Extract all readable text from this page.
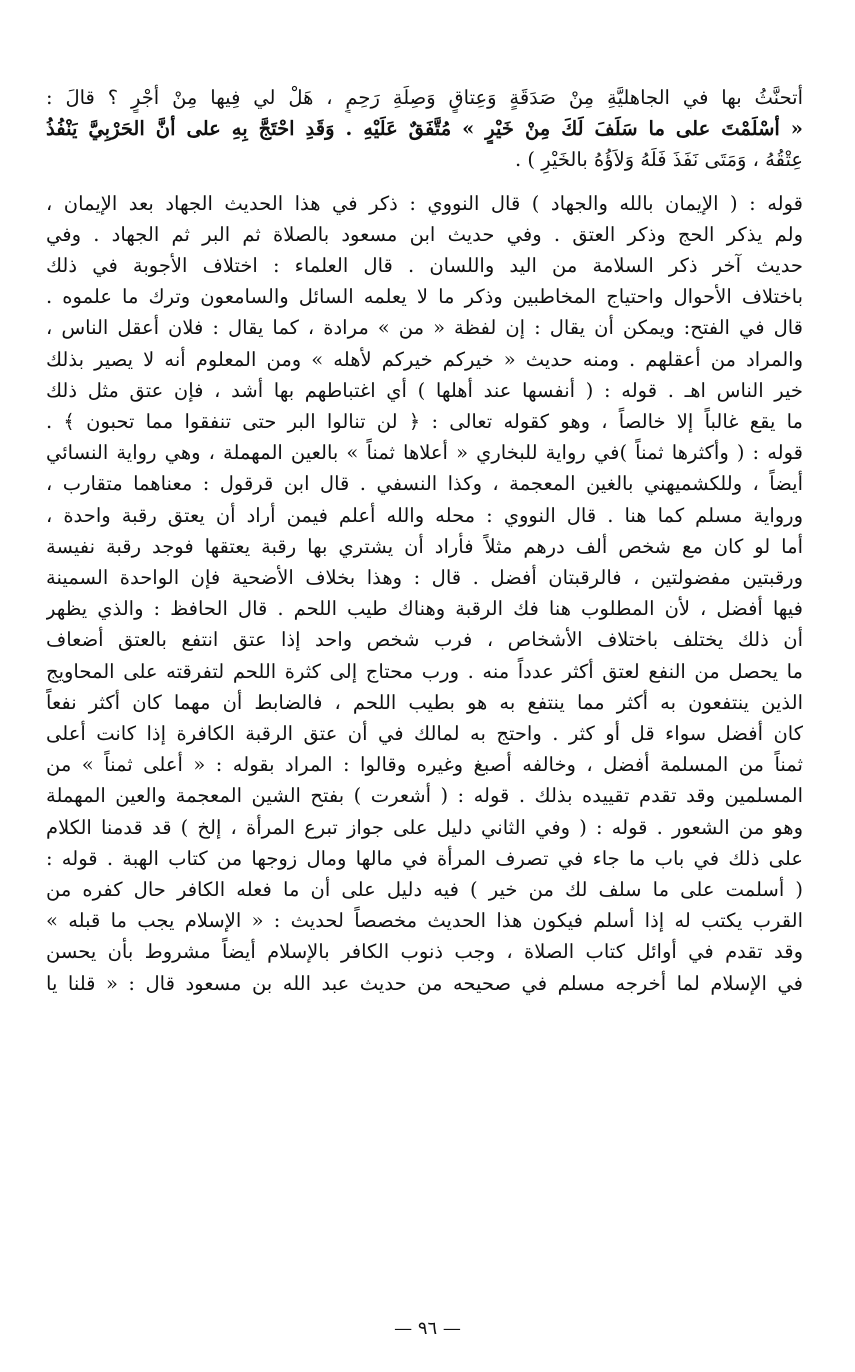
أتحنَّثُ بها في الجاهليَّةِ مِنْ صَدَقَةٍ وَعِتاقٍ وَصِلَةِ رَحِمٍ ، هَلْ لي فِيها مِنْ أجْرٍ ؟ قالَ :
« أسْلَمْتَ على ما سَلَفَ لَكَ مِنْ خَيْرٍ » مُتَّفَقٌ عَلَيْهِ . وَقَدِ احْتَجَّ بِهِ على أنَّ الحَرْبِيَّ يَنْفُذُ
عِتْقُهُ ، وَمَتَى نَفَذَ فَلَهُ وَلاَؤُهُ بالخَيْرِ ) .
قوله : ( الإيمان بالله والجهاد ) قال النووي : ذكر في هذا الحديث الجهاد بعد الإيمان ،
ولم يذكر الحج وذكر العتق . وفي حديث ابن مسعود بالصلاة ثم البر ثم الجهاد . وفي
حديث آخر ذكر السلامة من اليد واللسان . قال العلماء : اختلاف الأجوبة في ذلك
باختلاف الأحوال واحتياج المخاطبين وذكر ما لا يعلمه السائل والسامعون وترك ما علموه .
قال في الفتح: ويمكن أن يقال : إن لفظة « من » مرادة ، كما يقال : فلان أعقل الناس ،
والمراد من أعقلهم . ومنه حديث « خيركم خيركم لأهله » ومن المعلوم أنه لا يصير بذلك
خير الناس اهـ . قوله : ( أنفسها عند أهلها ) أي اغتباطهم بها أشد ، فإن عتق مثل ذلك
ما يقع غالباً إلا خالصاً ، وهو كقوله تعالى : ﴿ لن تنالوا البر حتى تنفقوا مما تحبون ﴾ .
قوله : ( وأكثرها ثمناً )في رواية للبخاري « أعلاها ثمناً » بالعين المهملة ، وهي رواية النسائي
أيضاً ، وللكشميهني بالغين المعجمة ، وكذا النسفي . قال ابن قرقول : معناهما متقارب ،
ورواية مسلم كما هنا . قال النووي : محله والله أعلم فيمن أراد أن يعتق رقبة واحدة ،
أما لو كان مع شخص ألف درهم مثلاً فأراد أن يشتري بها رقبة يعتقها فوجد رقبة نفيسة
ورقبتين مفضولتين ، فالرقبتان أفضل . قال : وهذا بخلاف الأضحية فإن الواحدة السمينة
فيها أفضل ، لأن المطلوب هنا فك الرقبة وهناك طيب اللحم . قال الحافظ : والذي يظهر
أن ذلك يختلف باختلاف الأشخاص ، فرب شخص واحد إذا عتق انتفع بالعتق أضعاف
ما يحصل من النفع لعتق أكثر عدداً منه . ورب محتاج إلى كثرة اللحم لتفرقته على المحاويج
الذين ينتفعون به أكثر مما ينتفع به هو بطيب اللحم ، فالضابط أن مهما كان أكثر نفعاً
كان أفضل سواء قل أو كثر . واحتج به لمالك في أن عتق الرقبة الكافرة إذا كانت أعلى
ثمناً من المسلمة أفضل ، وخالفه أصبغ وغيره وقالوا : المراد بقوله : « أعلى ثمناً » من
المسلمين وقد تقدم تقييده بذلك . قوله : ( أشعرت ) بفتح الشين المعجمة والعين المهملة
وهو من الشعور . قوله : ( وفي الثاني دليل على جواز تبرع المرأة ، إلخ ) قد قدمنا الكلام
على ذلك في باب ما جاء في تصرف المرأة في مالها ومال زوجها من كتاب الهبة . قوله :
( أسلمت على ما سلف لك من خير ) فيه دليل على أن ما فعله الكافر حال كفره من
القرب يكتب له إذا أسلم فيكون هذا الحديث مخصصاً لحديث : « الإسلام يجب ما قبله »
وقد تقدم في أوائل كتاب الصلاة ، وجب ذنوب الكافر بالإسلام أيضاً مشروط بأن يحسن
في الإسلام لما أخرجه مسلم في صحيحه من حديث عبد الله بن مسعود قال : « قلنا يا
— ٩٦ —
